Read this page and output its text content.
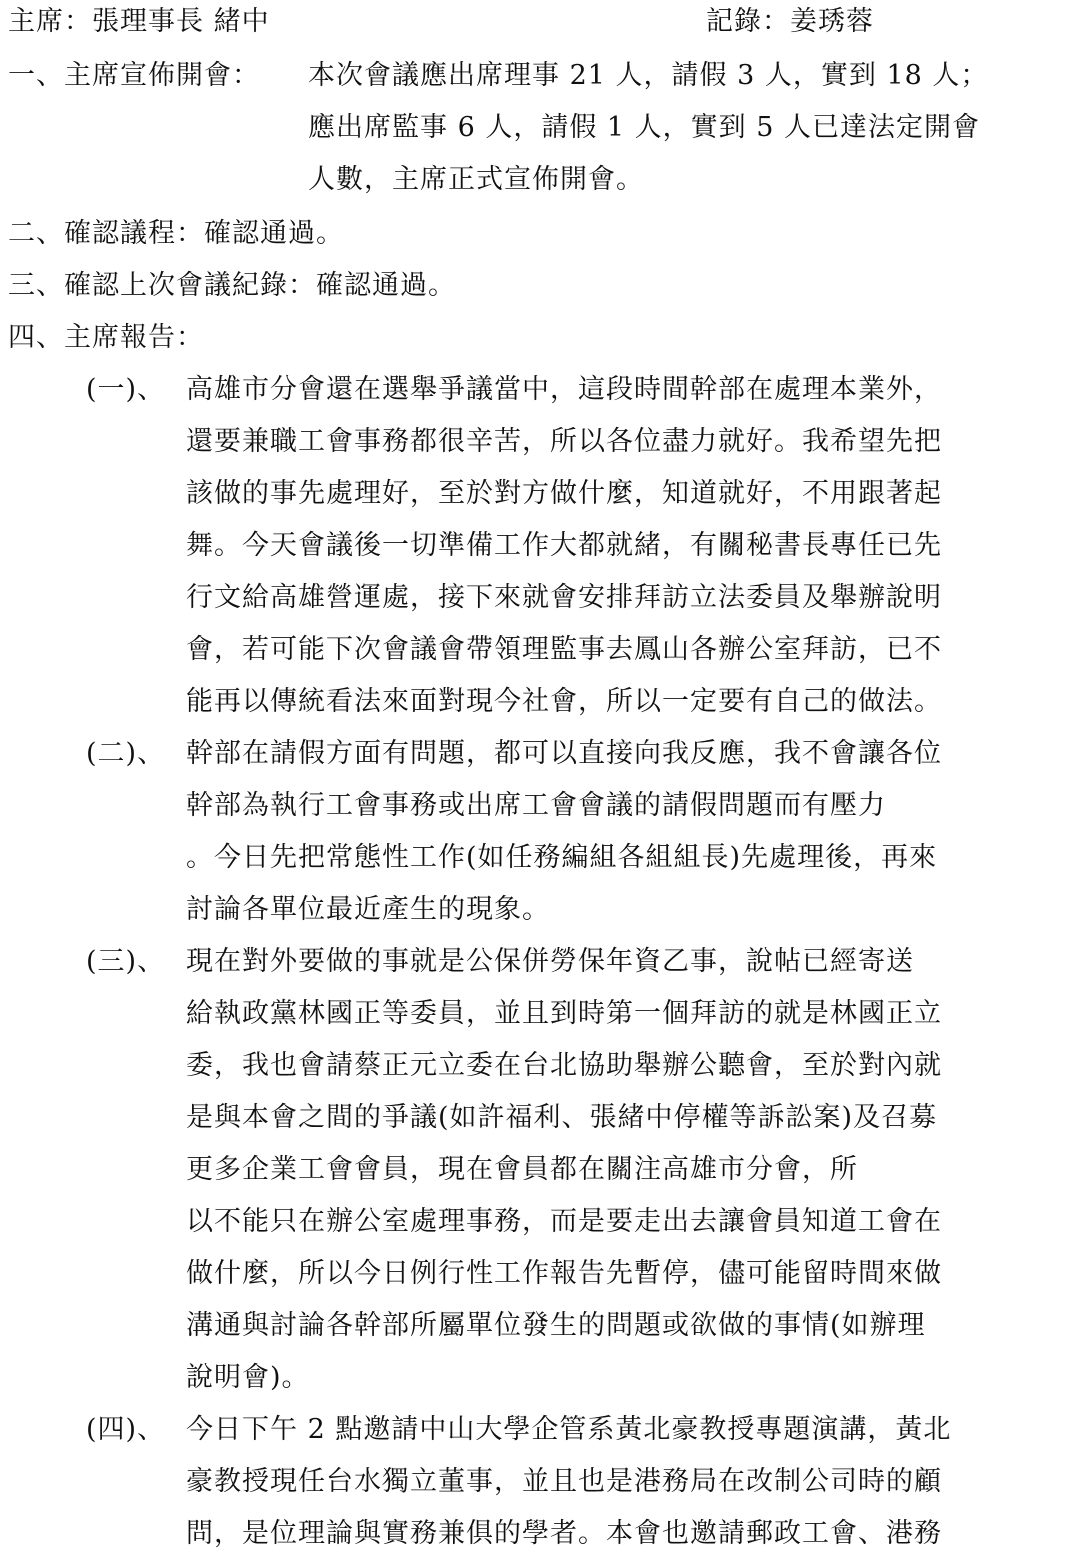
主席：張理事長 緒中	記錄：姜琇蓉
一、主席宣佈開會： 本次會議應出席理事 21 人，請假 3 人，實到 18 人；
應出席監事 6 人，請假 1 人，實到 5 人已達法定開會
人數，主席正式宣佈開會。
二、確認議程：確認通過。
三、確認上次會議紀錄：確認通過。
四、主席報告：
(一)、 高雄市分會還在選舉爭議當中，這段時間幹部在處理本業外，
還要兼職工會事務都很辛苦，所以各位盡力就好。我希望先把
該做的事先處理好，至於對方做什麼，知道就好，不用跟著起
舞。今天會議後一切準備工作大都就緒，有關秘書長專任已先
行文給高雄營運處，接下來就會安排拜訪立法委員及舉辦說明
會，若可能下次會議會帶領理監事去鳳山各辦公室拜訪，已不
能再以傳統看法來面對現今社會，所以一定要有自己的做法。
(二)、 幹部在請假方面有問題，都可以直接向我反應，我不會讓各位
幹部為執行工會事務或出席工會會議的請假問題而有壓力
。今日先把常態性工作(如任務編組各組組長)先處理後，再來
討論各單位最近產生的現象。
(三)、 現在對外要做的事就是公保併勞保年資乙事，說帖已經寄送
給執政黨林國正等委員，並且到時第一個拜訪的就是林國正立
委，我也會請蔡正元立委在台北協助舉辦公聽會，至於對內就
是與本會之間的爭議(如許福利、張緒中停權等訴訟案)及召募
更多企業工會會員，現在會員都在關注高雄市分會，所
以不能只在辦公室處理事務，而是要走出去讓會員知道工會在
做什麼，所以今日例行性工作報告先暫停，儘可能留時間來做
溝通與討論各幹部所屬單位發生的問題或欲做的事情(如辦理
說明會)。
(四)、 今日下午 2 點邀請中山大學企管系黃北豪教授專題演講，黃北
豪教授現任台水獨立董事，並且也是港務局在改制公司時的顧
問，是位理論與實務兼俱的學者。本會也邀請郵政工會、港務
